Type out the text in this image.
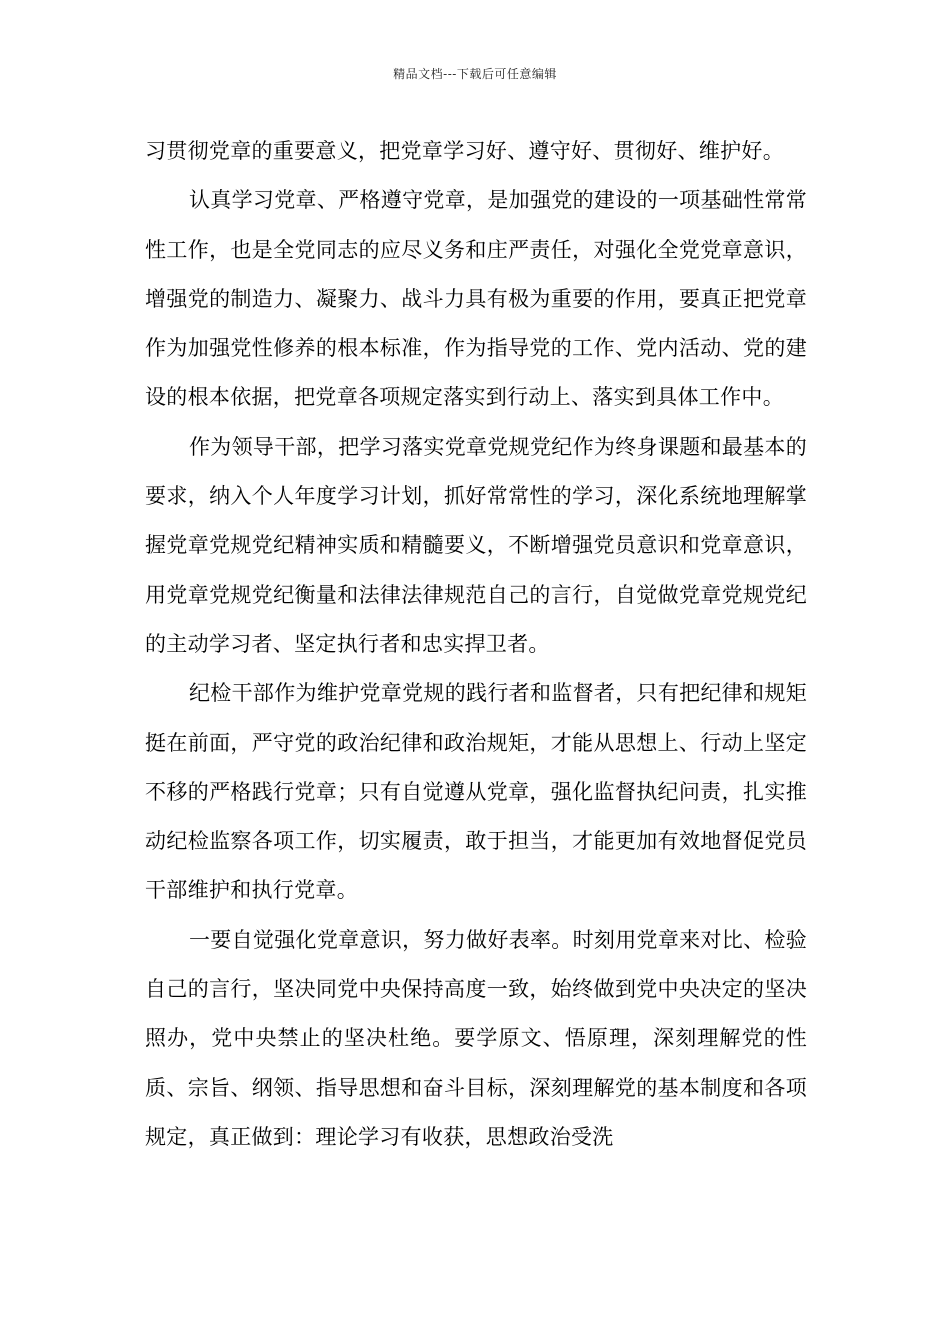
精品文档---下载后可任意编辑

习贯彻党章的重要意义，把党章学习好、遵守好、贯彻好、维护好。

认真学习党章、严格遵守党章，是加强党的建设的一项基础性常常性工作，也是全党同志的应尽义务和庄严责任，对强化全党党章意识，增强党的制造力、凝聚力、战斗力具有极为重要的作用，要真正把党章作为加强党性修养的根本标准，作为指导党的工作、党内活动、党的建设的根本依据，把党章各项规定落实到行动上、落实到具体工作中。

作为领导干部，把学习落实党章党规党纪作为终身课题和最基本的要求，纳入个人年度学习计划，抓好常常性的学习，深化系统地理解掌握党章党规党纪精神实质和精髓要义，不断增强党员意识和党章意识，用党章党规党纪衡量和法律法律规范自己的言行，自觉做党章党规党纪的主动学习者、坚定执行者和忠实捍卫者。

纪检干部作为维护党章党规的践行者和监督者，只有把纪律和规矩挺在前面，严守党的政治纪律和政治规矩，才能从思想上、行动上坚定不移的严格践行党章；只有自觉遵从党章，强化监督执纪问责，扎实推动纪检监察各项工作，切实履责，敢于担当，才能更加有效地督促党员干部维护和执行党章。

一要自觉强化党章意识，努力做好表率。时刻用党章来对比、检验自己的言行，坚决同党中央保持高度一致，始终做到党中央决定的坚决照办，党中央禁止的坚决杜绝。要学原文、悟原理，深刻理解党的性质、宗旨、纲领、指导思想和奋斗目标，深刻理解党的基本制度和各项规定，真正做到：理论学习有收获，思想政治受洗
